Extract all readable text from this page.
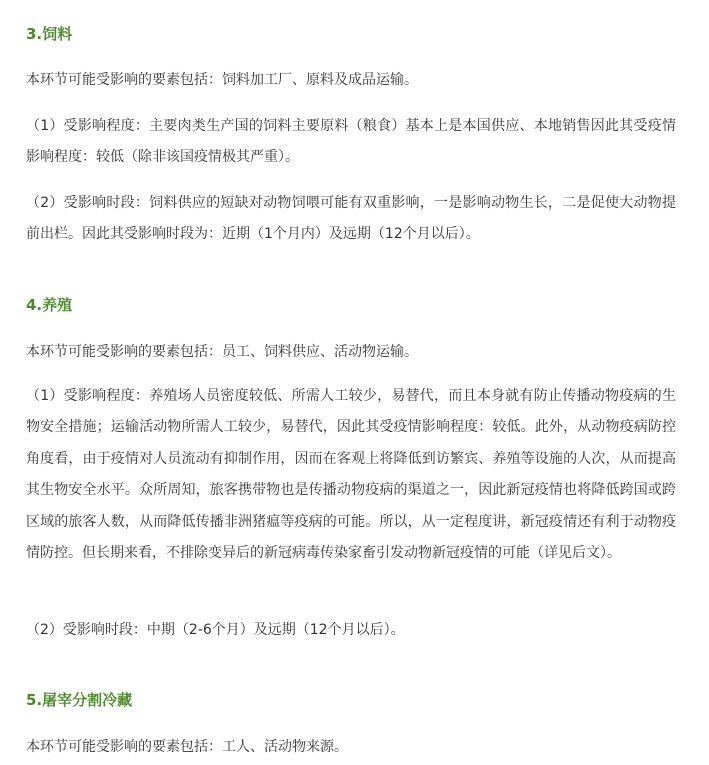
3.饲料
本环节可能受影响的要素包括：饲料加工厂、原料及成品运输。
（1）受影响程度：主要肉类生产国的饲料主要原料（粮食）基本上是本国供应、本地销售因此其受疫情影响程度：较低（除非该国疫情极其严重）。
（2）受影响时段：饲料供应的短缺对动物饲喂可能有双重影响，一是影响动物生长，二是促使大动物提前出栏。因此其受影响时段为：近期（1个月内）及远期（12个月以后）。
4.养殖
本环节可能受影响的要素包括：员工、饲料供应、活动物运输。
（1）受影响程度：养殖场人员密度较低、所需人工较少，易替代，而且本身就有防止传播动物疫病的生物安全措施；运输活动物所需人工较少，易替代，因此其受疫情影响程度：较低。此外，从动物疫病防控角度看，由于疫情对人员流动有抑制作用，因而在客观上将降低到访繁宾、养殖等设施的人次，从而提高其生物安全水平。众所周知，旅客携带物也是传播动物疫病的渠道之一，因此新冠疫情也将降低跨国或跨区域的旅客人数，从而降低传播非洲猪瘟等疫病的可能。所以，从一定程度讲，新冠疫情还有利于动物疫情防控。但长期来看，不排除变异后的新冠病毒传染家畜引发动物新冠疫情的可能（详见后文）。
（2）受影响时段：中期（2-6个月）及远期（12个月以后）。
5.屠宰分割冷藏
本环节可能受影响的要素包括：工人、活动物来源。
